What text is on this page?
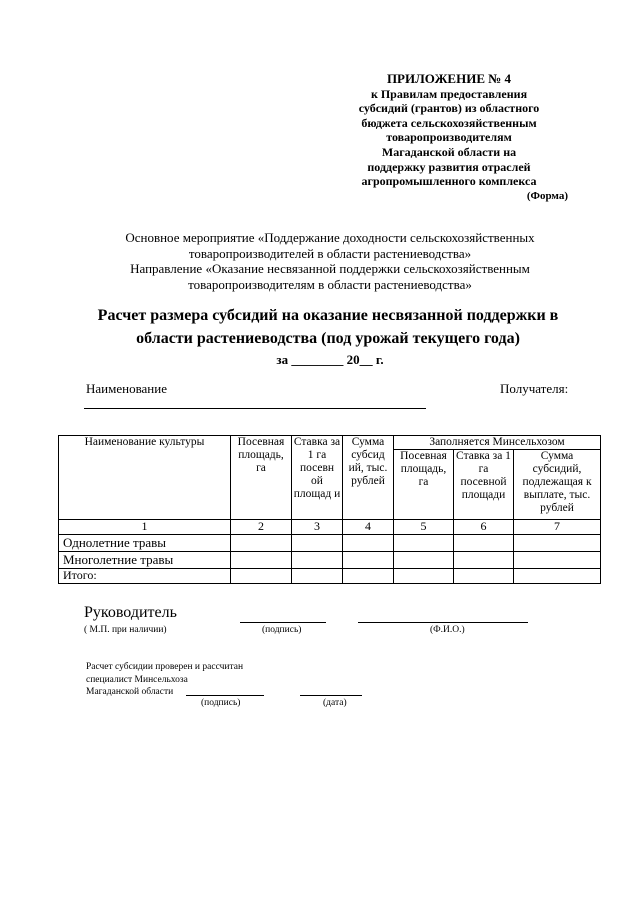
ПРИЛОЖЕНИЕ № 4
к Правилам предоставления
субсидий (грантов) из областного
бюджета сельскохозяйственным
товаропроизводителям
Магаданской области на
поддержку развития отраслей
агропромышленного комплекса
(Форма)
Основное мероприятие «Поддержание доходности сельскохозяйственных
товаропроизводителей в области растениеводства»
Направление «Оказание несвязанной поддержки сельскохозяйственным
товаропроизводителям в области растениеводства»
Расчет размера субсидий на оказание несвязанной поддержки в
области растениеводства (под урожай текущего года)
за ________ 20__ г.
Наименование	Получателя:
Наименование культуры	Посевная площадь, га	Ставка за 1 га посевн ой площад и	Сумма субсид ий, тыс. рублей	Заполняется Минсельхозом		
				Посевная площадь, га	Ставка за 1 га посевной площади	Сумма субсидий, подлежащая к выплате, тыс. рублей
1	2	3	4	5	6	7
Однолетние травы						
Многолетние травы						
Итого:						
Руководитель
( М.П. при наличии)	(подпись)	(Ф.И.О.)
Расчет субсидии проверен и рассчитан
специалист Минсельхоза
Магаданской области
(подпись)	(дата)
